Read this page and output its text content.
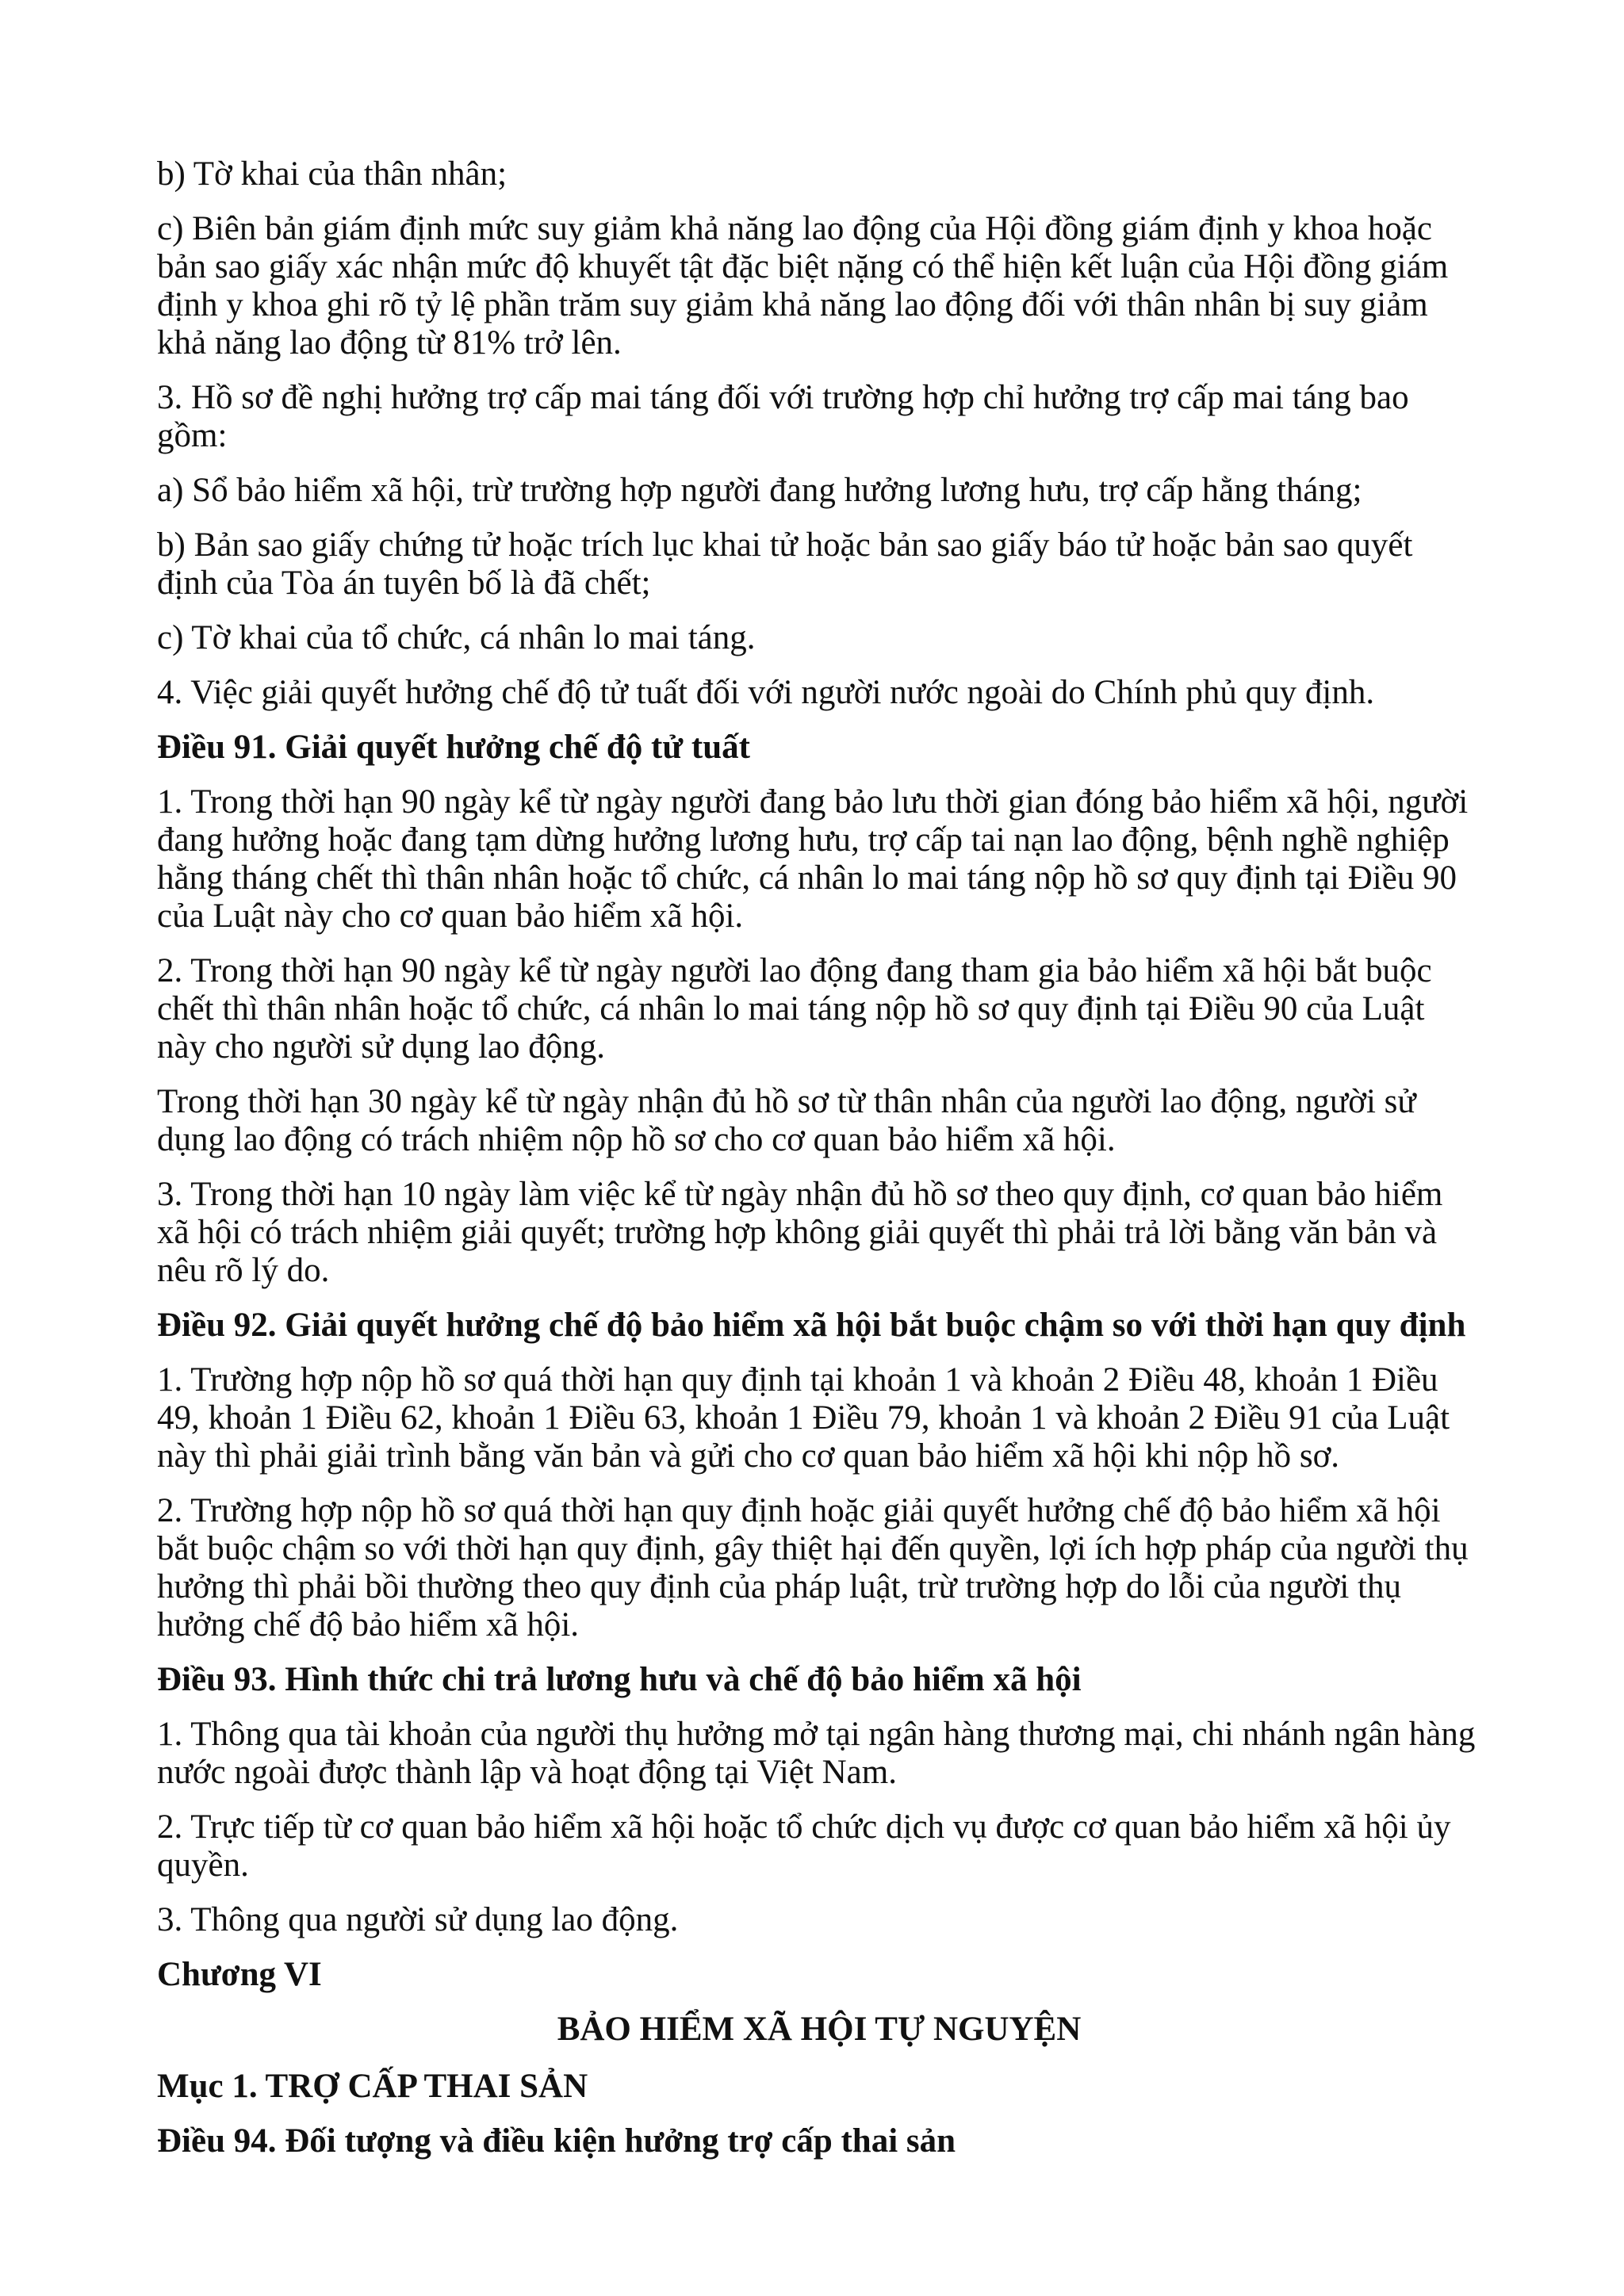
b) Tờ khai của thân nhân;

c) Biên bản giám định mức suy giảm khả năng lao động của Hội đồng giám định y khoa hoặc bản sao giấy xác nhận mức độ khuyết tật đặc biệt nặng có thể hiện kết luận của Hội đồng giám định y khoa ghi rõ tỷ lệ phần trăm suy giảm khả năng lao động đối với thân nhân bị suy giảm khả năng lao động từ 81% trở lên.

3. Hồ sơ đề nghị hưởng trợ cấp mai táng đối với trường hợp chỉ hưởng trợ cấp mai táng bao gồm:

a) Sổ bảo hiểm xã hội, trừ trường hợp người đang hưởng lương hưu, trợ cấp hằng tháng;

b) Bản sao giấy chứng tử hoặc trích lục khai tử hoặc bản sao giấy báo tử hoặc bản sao quyết định của Tòa án tuyên bố là đã chết;

c) Tờ khai của tổ chức, cá nhân lo mai táng.

4. Việc giải quyết hưởng chế độ tử tuất đối với người nước ngoài do Chính phủ quy định.

Điều 91. Giải quyết hưởng chế độ tử tuất

1. Trong thời hạn 90 ngày kể từ ngày người đang bảo lưu thời gian đóng bảo hiểm xã hội, người đang hưởng hoặc đang tạm dừng hưởng lương hưu, trợ cấp tai nạn lao động, bệnh nghề nghiệp hằng tháng chết thì thân nhân hoặc tổ chức, cá nhân lo mai táng nộp hồ sơ quy định tại Điều 90 của Luật này cho cơ quan bảo hiểm xã hội.

2. Trong thời hạn 90 ngày kể từ ngày người lao động đang tham gia bảo hiểm xã hội bắt buộc chết thì thân nhân hoặc tổ chức, cá nhân lo mai táng nộp hồ sơ quy định tại Điều 90 của Luật này cho người sử dụng lao động.

Trong thời hạn 30 ngày kể từ ngày nhận đủ hồ sơ từ thân nhân của người lao động, người sử dụng lao động có trách nhiệm nộp hồ sơ cho cơ quan bảo hiểm xã hội.

3. Trong thời hạn 10 ngày làm việc kể từ ngày nhận đủ hồ sơ theo quy định, cơ quan bảo hiểm xã hội có trách nhiệm giải quyết; trường hợp không giải quyết thì phải trả lời bằng văn bản và nêu rõ lý do.

Điều 92. Giải quyết hưởng chế độ bảo hiểm xã hội bắt buộc chậm so với thời hạn quy định

1. Trường hợp nộp hồ sơ quá thời hạn quy định tại khoản 1 và khoản 2 Điều 48, khoản 1 Điều 49, khoản 1 Điều 62, khoản 1 Điều 63, khoản 1 Điều 79, khoản 1 và khoản 2 Điều 91 của Luật này thì phải giải trình bằng văn bản và gửi cho cơ quan bảo hiểm xã hội khi nộp hồ sơ.

2. Trường hợp nộp hồ sơ quá thời hạn quy định hoặc giải quyết hưởng chế độ bảo hiểm xã hội bắt buộc chậm so với thời hạn quy định, gây thiệt hại đến quyền, lợi ích hợp pháp của người thụ hưởng thì phải bồi thường theo quy định của pháp luật, trừ trường hợp do lỗi của người thụ hưởng chế độ bảo hiểm xã hội.

Điều 93. Hình thức chi trả lương hưu và chế độ bảo hiểm xã hội

1. Thông qua tài khoản của người thụ hưởng mở tại ngân hàng thương mại, chi nhánh ngân hàng nước ngoài được thành lập và hoạt động tại Việt Nam.

2. Trực tiếp từ cơ quan bảo hiểm xã hội hoặc tổ chức dịch vụ được cơ quan bảo hiểm xã hội ủy quyền.

3. Thông qua người sử dụng lao động.

Chương VI

BẢO HIỂM XÃ HỘI TỰ NGUYỆN

Mục 1. TRỢ CẤP THAI SẢN

Điều 94. Đối tượng và điều kiện hưởng trợ cấp thai sản
